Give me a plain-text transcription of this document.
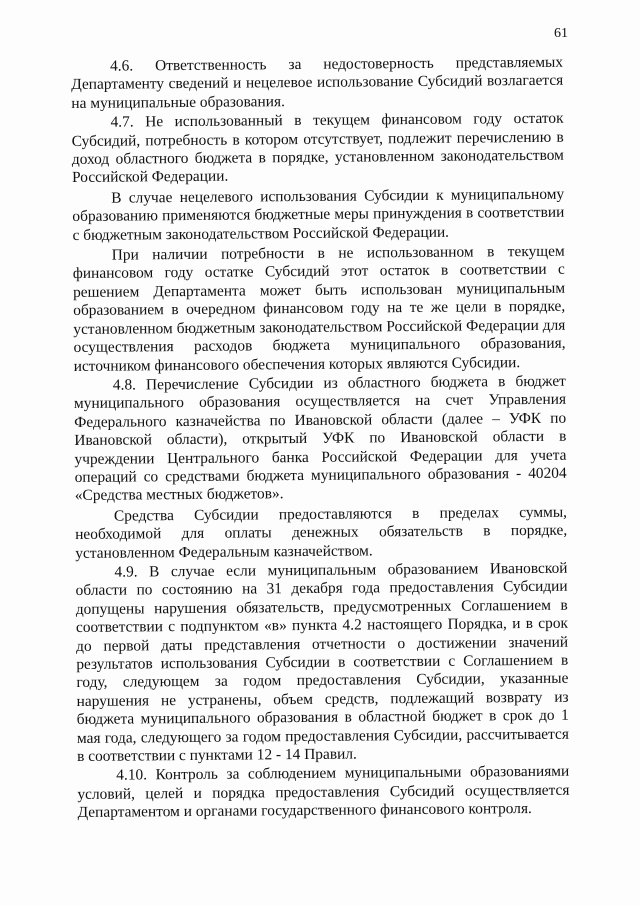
61

4.6. Ответственность за недостоверность представляемых Департаменту сведений и нецелевое использование Субсидий возлагается на муниципальные образования.

4.7. Не использованный в текущем финансовом году остаток Субсидий, потребность в котором отсутствует, подлежит перечислению в доход областного бюджета в порядке, установленном законодательством Российской Федерации.

В случае нецелевого использования Субсидии к муниципальному образованию применяются бюджетные меры принуждения в соответствии с бюджетным законодательством Российской Федерации.

При наличии потребности в не использованном в текущем финансовом году остатке Субсидий этот остаток в соответствии с решением Департамента может быть использован муниципальным образованием в очередном финансовом году на те же цели в порядке, установленном бюджетным законодательством Российской Федерации для осуществления расходов бюджета муниципального образования, источником финансового обеспечения которых являются Субсидии.

4.8. Перечисление Субсидии из областного бюджета в бюджет муниципального образования осуществляется на счет Управления Федерального казначейства по Ивановской области (далее – УФК по Ивановской области), открытый УФК по Ивановской области в учреждении Центрального банка Российской Федерации для учета операций со средствами бюджета муниципального образования - 40204 «Средства местных бюджетов».

Средства Субсидии предоставляются в пределах суммы, необходимой для оплаты денежных обязательств в порядке, установленном Федеральным казначейством.

4.9. В случае если муниципальным образованием Ивановской области по состоянию на 31 декабря года предоставления Субсидии допущены нарушения обязательств, предусмотренных Соглашением в соответствии с подпунктом «в» пункта 4.2 настоящего Порядка, и в срок до первой даты представления отчетности о достижении значений результатов использования Субсидии в соответствии с Соглашением в году, следующем за годом предоставления Субсидии, указанные нарушения не устранены, объем средств, подлежащий возврату из бюджета муниципального образования в областной бюджет в срок до 1 мая года, следующего за годом предоставления Субсидии, рассчитывается в соответствии с пунктами 12 - 14 Правил.

4.10. Контроль за соблюдением муниципальными образованиями условий, целей и порядка предоставления Субсидий осуществляется Департаментом и органами государственного финансового контроля.
